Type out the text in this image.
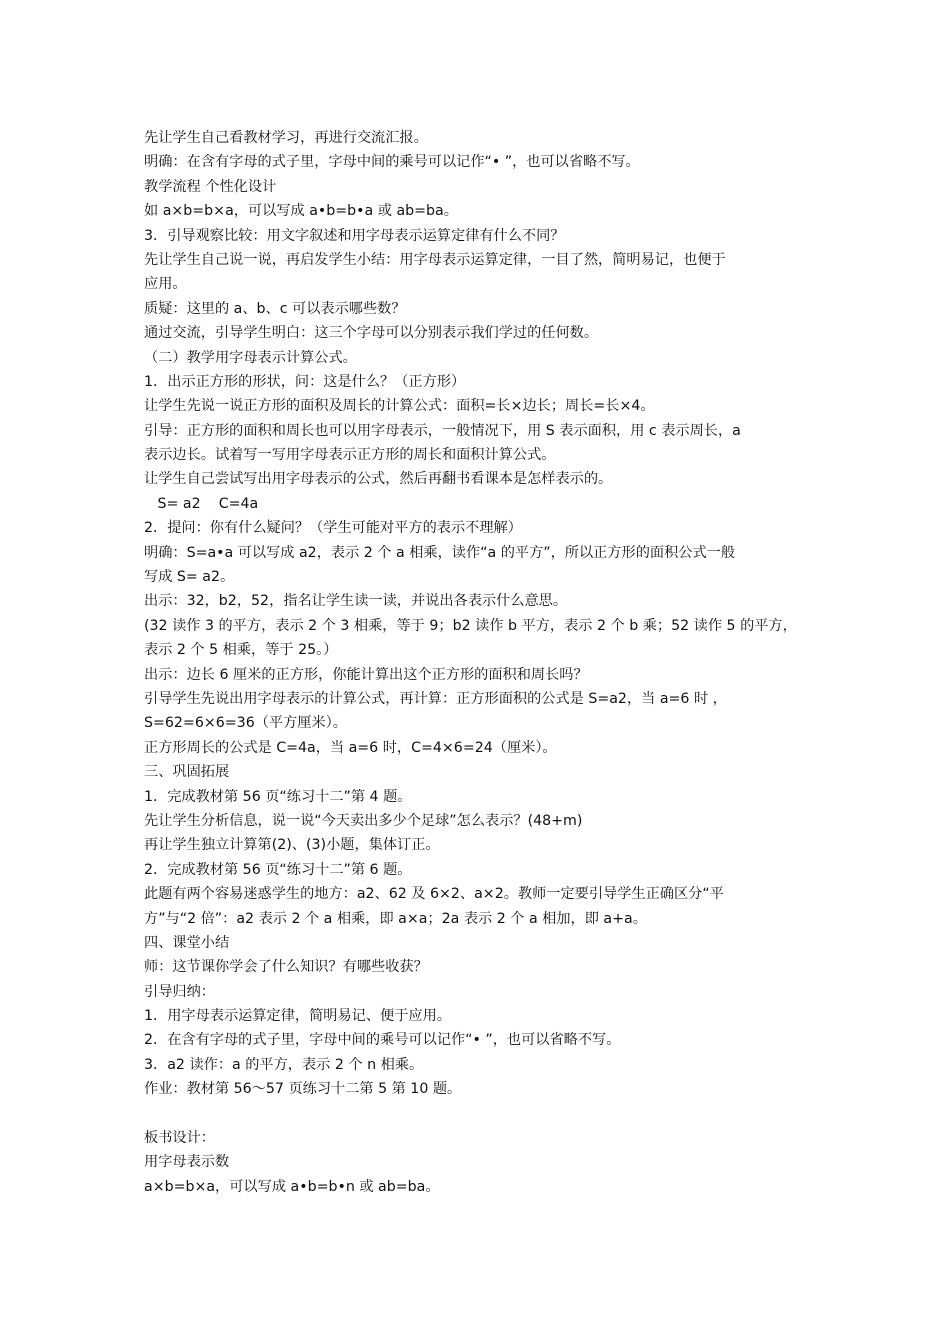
先让学生自己看教材学习，再进行交流汇报。
明确：在含有字母的式子里，字母中间的乘号可以记作“• ”，也可以省略不写。
教学流程 个性化设计
如 a×b=b×a，可以写成 a•b=b•a 或 ab=ba。
3．引导观察比较：用文字叙述和用字母表示运算定律有什么不同？
先让学生自己说一说，再启发学生小结：用字母表示运算定律，一目了然，简明易记，也便于
应用。
质疑：这里的 a、b、c 可以表示哪些数？
通过交流，引导学生明白：这三个字母可以分别表示我们学过的任何数。
（二）教学用字母表示计算公式。
1．出示正方形的形状，问：这是什么？（正方形）
让学生先说一说正方形的面积及周长的计算公式：面积=长×边长；周长=长×4。
引导：正方形的面积和周长也可以用字母表示，一般情况下，用 S 表示面积，用 c 表示周长，a
表示边长。试着写一写用字母表示正方形的周长和面积计算公式。
让学生自己尝试写出用字母表示的公式，然后再翻书看课本是怎样表示的。
S= a2    C=4a
2．提问：你有什么疑问？（学生可能对平方的表示不理解）
明确：S=a•a 可以写成 a2，表示 2 个 a 相乘，读作“a 的平方”，所以正方形的面积公式一般
写成 S= a2。
出示：32，b2，52，指名让学生读一读，并说出各表示什么意思。
(32 读作 3 的平方，表示 2 个 3 相乘，等于 9；b2 读作 b 平方，表示 2 个 b 乘；52 读作 5 的平方，
表示 2 个 5 相乘，等于 25。）
出示：边长 6 厘米的正方形，你能计算出这个正方形的面积和周长吗？
引导学生先说出用字母表示的计算公式，再计算：正方形面积的公式是 S=a2，当 a=6 时 ，
S=62=6×6=36（平方厘米）。
正方形周长的公式是 C=4a，当 a=6 时，C=4×6=24（厘米）。
三、巩固拓展
1．完成教材第 56 页“练习十二”第 4 题。
先让学生分析信息，说一说“今天卖出多少个足球”怎么表示？(48+m)
再让学生独立计算第(2)、(3)小题，集体订正。
2．完成教材第 56 页“练习十二”第 6 题。
此题有两个容易迷惑学生的地方：a2、62 及 6×2、a×2。教师一定要引导学生正确区分“平
方”与“2 倍”：a2 表示 2 个 a 相乘，即 a×a；2a 表示 2 个 a 相加，即 a+a。
四、课堂小结
师：这节课你学会了什么知识？有哪些收获？
引导归纳：
1．用字母表示运算定律，简明易记、便于应用。
2．在含有字母的式子里，字母中间的乘号可以记作“• ”，也可以省略不写。
3．a2 读作：a 的平方，表示 2 个 n 相乘。
作业：教材第 56～57 页练习十二第 5 第 10 题。
板书设计：
用字母表示数
a×b=b×a，可以写成 a•b=b•n 或 ab=ba。
